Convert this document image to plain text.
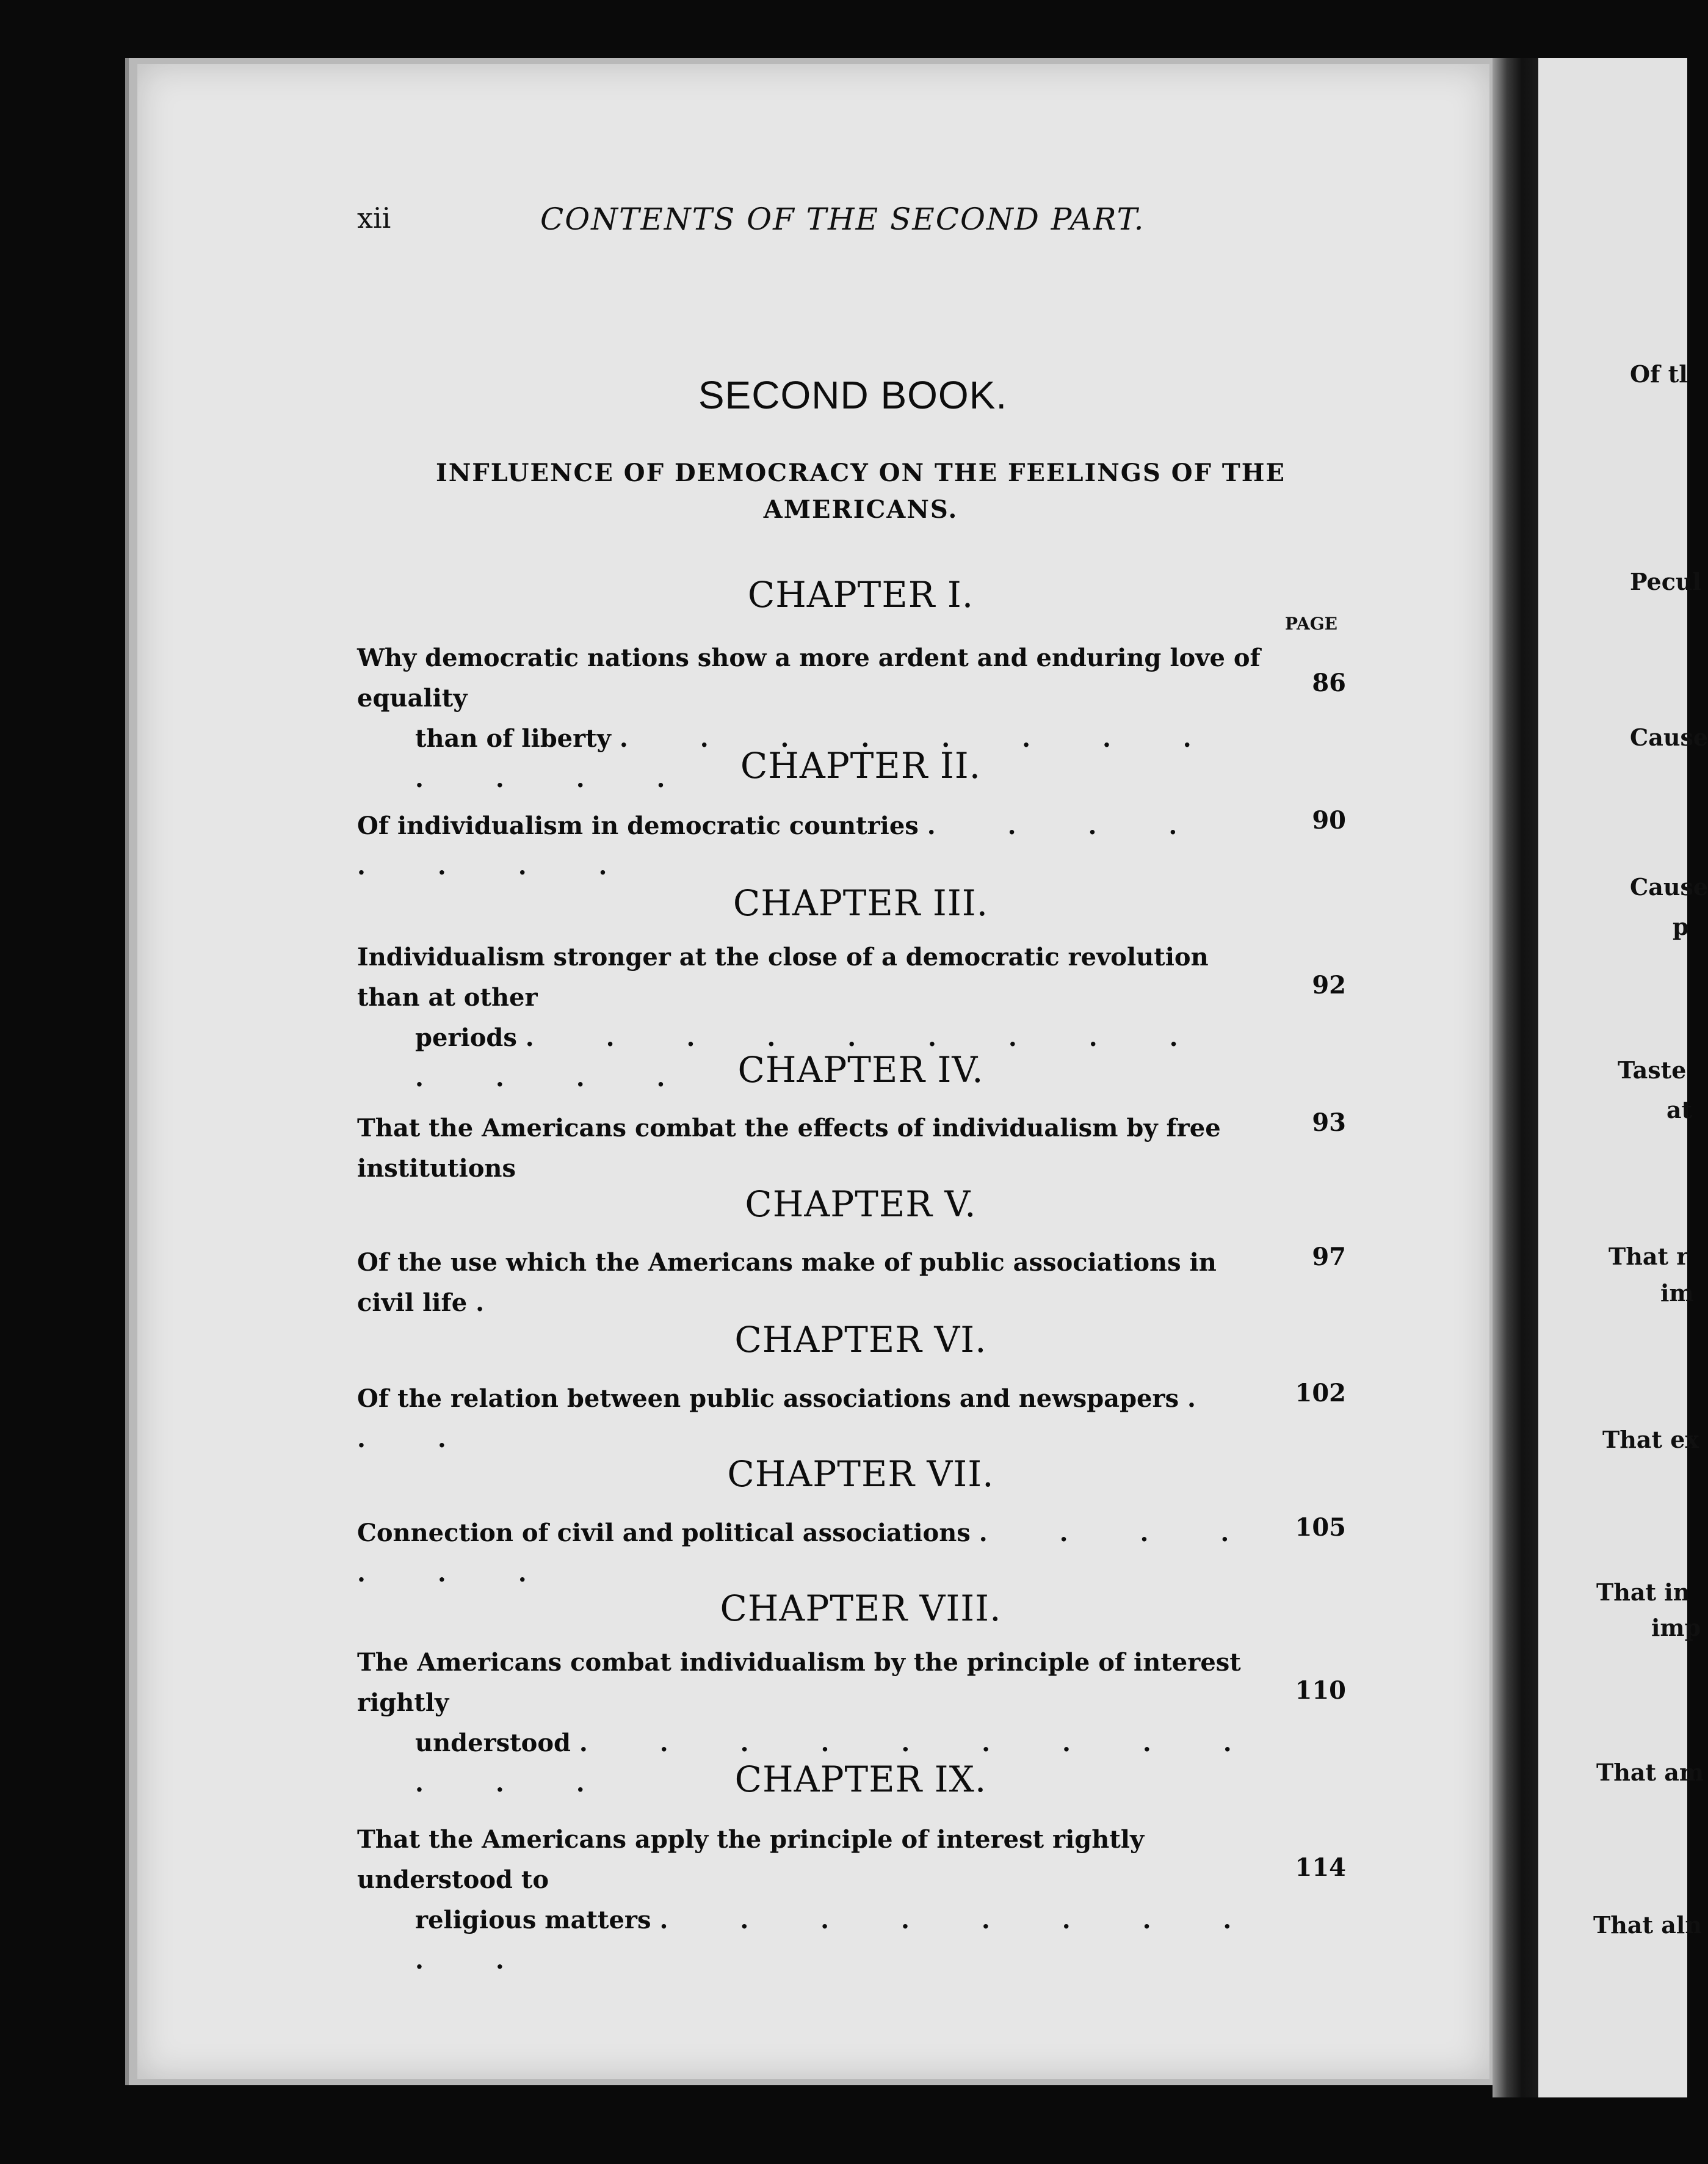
Of tl
Pecul
Cause
Cause
p
Taste
at
That r
im
That ex
That in
imp
That am
That aln
xii	CONTENTS OF THE SECOND PART.
SECOND BOOK.
INFLUENCE OF DEMOCRACY ON THE FEELINGS OF THE AMERICANS.
PAGE
CHAPTER I.
Why democratic nations show a more ardent and enduring love of equality
than of liberty . . . . . . . . . . . .
86
CHAPTER II.
Of individualism in democratic countries . . . . . . . .
90
CHAPTER III.
Individualism stronger at the close of a democratic revolution than at other
periods . . . . . . . . . . . . .
92
CHAPTER IV.
That the Americans combat the effects of individualism by free institutions
93
CHAPTER V.
Of the use which the Americans make of public associations in civil life .
97
CHAPTER VI.
Of the relation between public associations and newspapers . . .
102
CHAPTER VII.
Connection of civil and political associations . . . . . . .
105
CHAPTER VIII.
The Americans combat individualism by the principle of interest rightly
understood . . . . . . . . . . . .
110
CHAPTER IX.
That the Americans apply the principle of interest rightly understood to
religious matters . . . . . . . . . .
114
